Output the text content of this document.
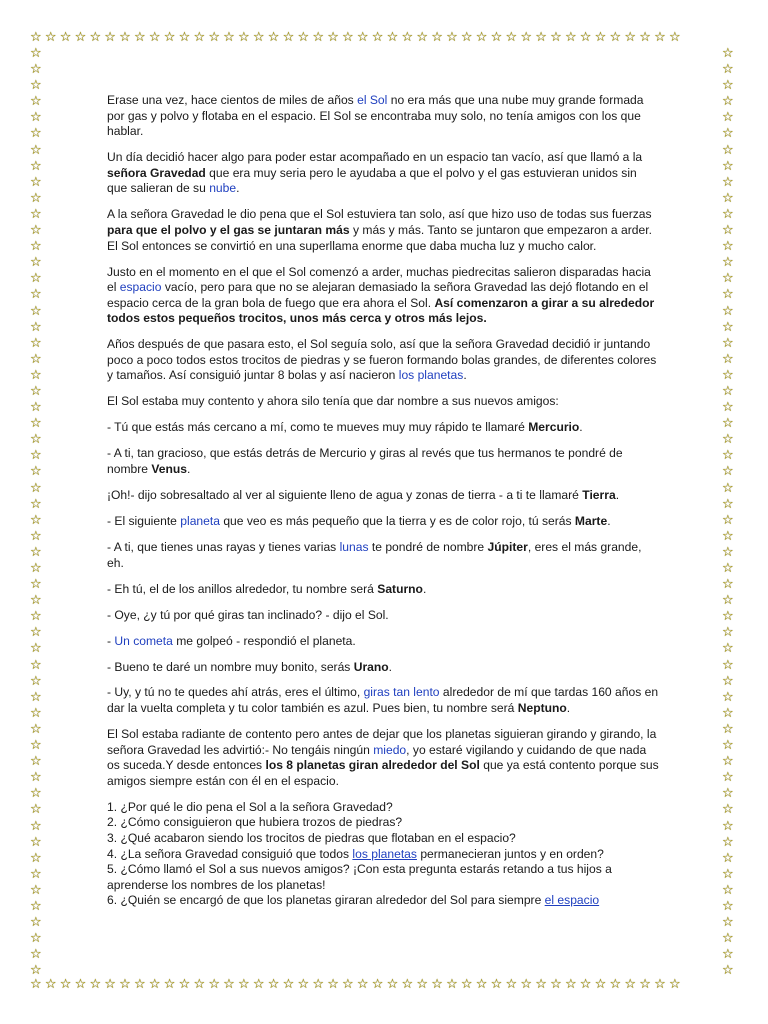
☆☆☆☆☆☆☆☆☆☆☆☆☆☆☆☆☆☆☆☆☆☆☆☆☆☆☆☆☆☆☆☆☆☆☆☆☆☆☆☆☆☆☆☆
☆
☆
☆
☆
☆
☆
☆
☆
☆
☆
☆
☆
☆
☆
☆
☆
☆
☆
☆
☆
☆
☆
☆
☆
☆
☆
☆
☆
☆
☆
☆
☆
☆
☆
☆
☆
☆
☆
☆
☆
☆
☆
☆
☆
☆
☆
☆
☆
☆
☆
☆
☆
☆
☆
☆
☆
☆
☆
☆
☆
☆
☆
☆
☆
☆
☆
☆
☆
☆
☆
☆
☆
☆
☆
☆
☆
☆
☆
☆
☆
☆
☆
☆
☆
☆
☆
☆
☆
☆
☆
☆
☆
☆
☆
☆
☆
☆
☆
☆
☆
☆
☆
☆
☆
☆
☆
☆
☆
☆
☆
☆
☆
☆
☆
☆
☆
☆☆☆☆☆☆☆☆☆☆☆☆☆☆☆☆☆☆☆☆☆☆☆☆☆☆☆☆☆☆☆☆☆☆☆☆☆☆☆☆☆☆☆☆

Erase una vez, hace cientos de miles de años el Sol no era más que una nube muy grande formada por gas y polvo y flotaba en el espacio. El Sol se encontraba muy solo, no tenía amigos con los que hablar.

Un día decidió hacer algo para poder estar acompañado en un espacio tan vacío, así que llamó a la señora Gravedad que era muy seria pero le ayudaba a que el polvo y el gas estuvieran unidos sin que salieran de su nube.

A la señora Gravedad le dio pena que el Sol estuviera tan solo, así que hizo uso de todas sus fuerzas para que el polvo y el gas se juntaran más y más y más. Tanto se juntaron que empezaron a arder. El Sol entonces se convirtió en una superllama enorme que daba mucha luz y mucho calor.

Justo en el momento en el que el Sol comenzó a arder, muchas piedrecitas salieron disparadas hacia el espacio vacío, pero para que no se alejaran demasiado la señora Gravedad las dejó flotando en el espacio cerca de la gran bola de fuego que era ahora el Sol. Así comenzaron a girar a su alrededor todos estos pequeños trocitos, unos más cerca y otros más lejos.

Años después de que pasara esto, el Sol seguía solo, así que la señora Gravedad decidió ir juntando poco a poco todos estos trocitos de piedras y se fueron formando bolas grandes, de diferentes colores y tamaños. Así consiguió juntar 8 bolas y así nacieron los planetas.

El Sol estaba muy contento y ahora silo tenía que dar nombre a sus nuevos amigos:

- Tú que estás más cercano a mí, como te mueves muy muy rápido te llamaré Mercurio.

- A ti, tan gracioso, que estás detrás de Mercurio y giras al revés que tus hermanos te pondré de nombre Venus.

¡Oh!- dijo sobresaltado al ver al siguiente lleno de agua y zonas de tierra - a ti te llamaré Tierra.

- El siguiente planeta que veo es más pequeño que la tierra y es de color rojo, tú serás Marte.

- A ti, que tienes unas rayas y tienes varias lunas te pondré de nombre Júpiter, eres el más grande, eh.

- Eh tú, el de los anillos alrededor, tu nombre será Saturno.

- Oye, ¿y tú por qué giras tan inclinado? - dijo el Sol.

- Un cometa me golpeó - respondió el planeta.

- Bueno te daré un nombre muy bonito, serás Urano.

- Uy, y tú no te quedes ahí atrás, eres el último, giras tan lento alrededor de mí que tardas 160 años en dar la vuelta completa y tu color también es azul. Pues bien, tu nombre será Neptuno.

El Sol estaba radiante de contento pero antes de dejar que los planetas siguieran girando y girando, la señora Gravedad les advirtió:- No tengáis ningún miedo, yo estaré vigilando y cuidando de que nada os suceda.Y desde entonces los 8 planetas giran alrededor del Sol que ya está contento porque sus amigos siempre están con él en el espacio.

1. ¿Por qué le dio pena el Sol a la señora Gravedad?
2. ¿Cómo consiguieron que hubiera trozos de piedras?
3. ¿Qué acabaron siendo los trocitos de piedras que flotaban en el espacio?
4. ¿La señora Gravedad consiguió que todos los planetas permanecieran juntos y en orden?
5. ¿Cómo llamó el Sol a sus nuevos amigos? ¡Con esta pregunta estarás retando a tus hijos a aprenderse los nombres de los planetas!
6. ¿Quién se encargó de que los planetas giraran alrededor del Sol para siempre el espacio
